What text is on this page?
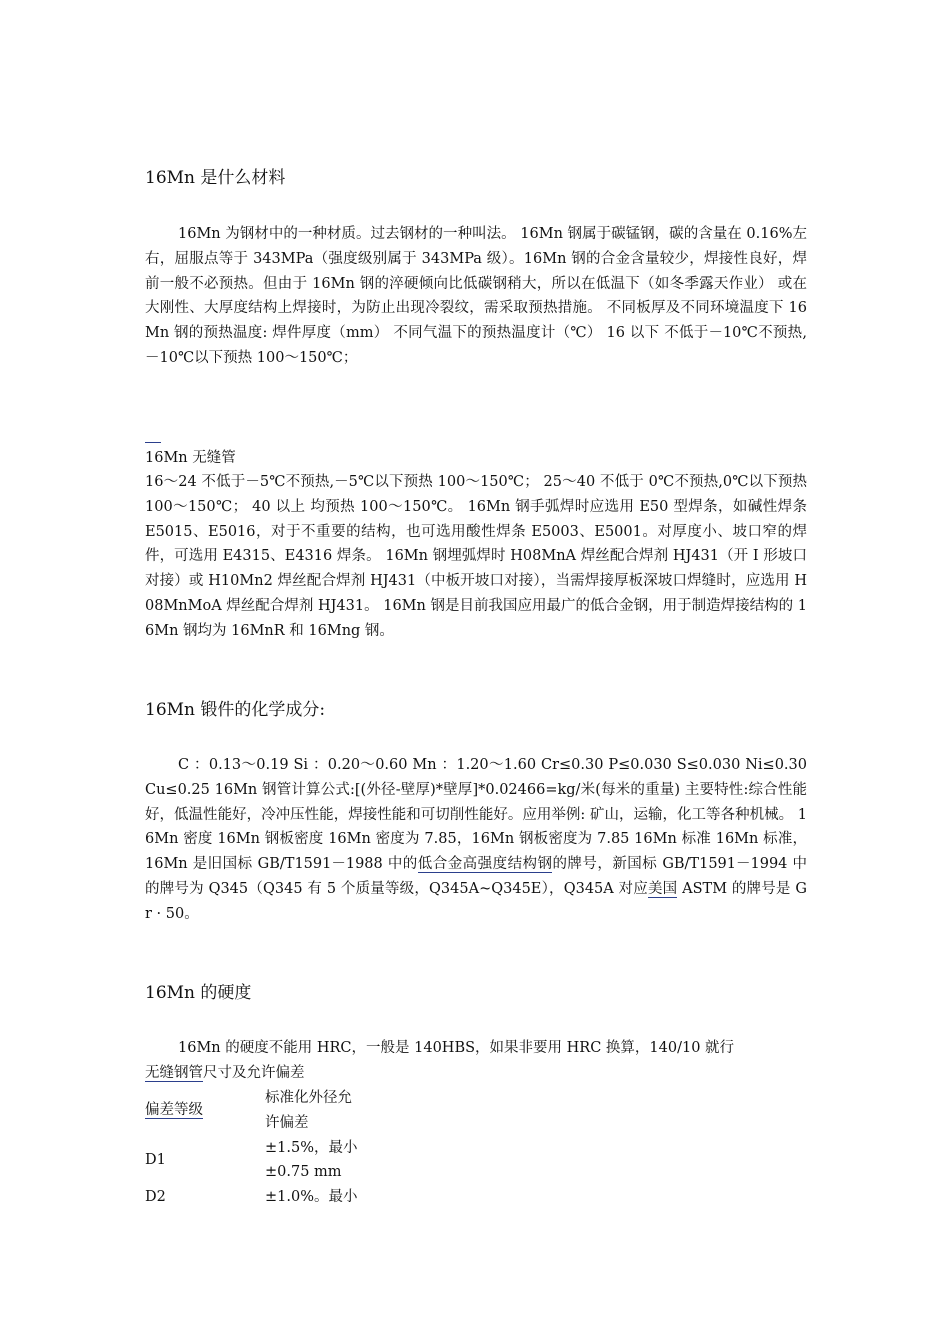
16Mn 是什么材料
16Mn 为钢材中的一种材质。过去钢材的一种叫法。 16Mn 钢属于碳锰钢，碳的含量在 0.16%左右，屈服点等于 343MPa（强度级别属于 343MPa 级）。16Mn 钢的合金含量较少，焊接性良好，焊前一般不必预热。但由于 16Mn 钢的淬硬倾向比低碳钢稍大，所以在低温下（如冬季露天作业） 或在大刚性、大厚度结构上焊接时，为防止出现冷裂纹，需采取预热措施。 不同板厚及不同环境温度下 16Mn 钢的预热温度: 焊件厚度（mm） 不同气温下的预热温度计（℃） 16 以下 不低于－10℃不预热,－10℃以下预热 100～150℃；
16Mn 无缝管
16～24 不低于－5℃不预热,－5℃以下预热 100～150℃； 25～40 不低于 0℃不预热,0℃以下预热 100～150℃； 40 以上 均预热 100～150℃。 16Mn 钢手弧焊时应选用 E50 型焊条，如碱性焊条 E5015、E5016，对于不重要的结构，也可选用酸性焊条 E5003、E5001。对厚度小、坡口窄的焊件，可选用 E4315、E4316 焊条。 16Mn 钢埋弧焊时 H08MnA 焊丝配合焊剂 HJ431（开 I 形坡口对接）或 H10Mn2 焊丝配合焊剂 HJ431（中板开坡口对接），当需焊接厚板深坡口焊缝时，应选用 H08MnMoA 焊丝配合焊剂 HJ431。 16Mn 钢是目前我国应用最广的低合金钢，用于制造焊接结构的 16Mn 钢均为 16MnR 和 16Mng 钢。
16Mn 锻件的化学成分:
C ：0.13～0.19 Si ：0.20～0.60 Mn ：1.20～1.60 Cr≤0.30 P≤0.030 S≤0.030 Ni≤0.30 Cu≤0.25 16Mn 钢管计算公式:[(外径-壁厚)*壁厚]*0.02466=kg/米(每米的重量) 主要特性:综合性能好，低温性能好，冷冲压性能，焊接性能和可切削性能好。应用举例: 矿山，运输，化工等各种机械。 16Mn 密度 16Mn 钢板密度 16Mn 密度为 7.85，16Mn 钢板密度为 7.85 16Mn 标准 16Mn 标准，16Mn 是旧国标 GB/T1591－1988 中的低合金高强度结构钢的牌号，新国标 GB/T1591－1994 中的牌号为 Q345（Q345 有 5 个质量等级，Q345A~Q345E），Q345A 对应美国 ASTM 的牌号是 Gr · 50。
16Mn 的硬度
16Mn 的硬度不能用 HRC，一般是 140HBS，如果非要用 HRC 换算，140/10 就行
无缝钢管尺寸及允许偏差
偏差等级	标准化外径允
许偏差

D1	±1.5%，最小
±0.75 mm

D2	±1.0%。最小
